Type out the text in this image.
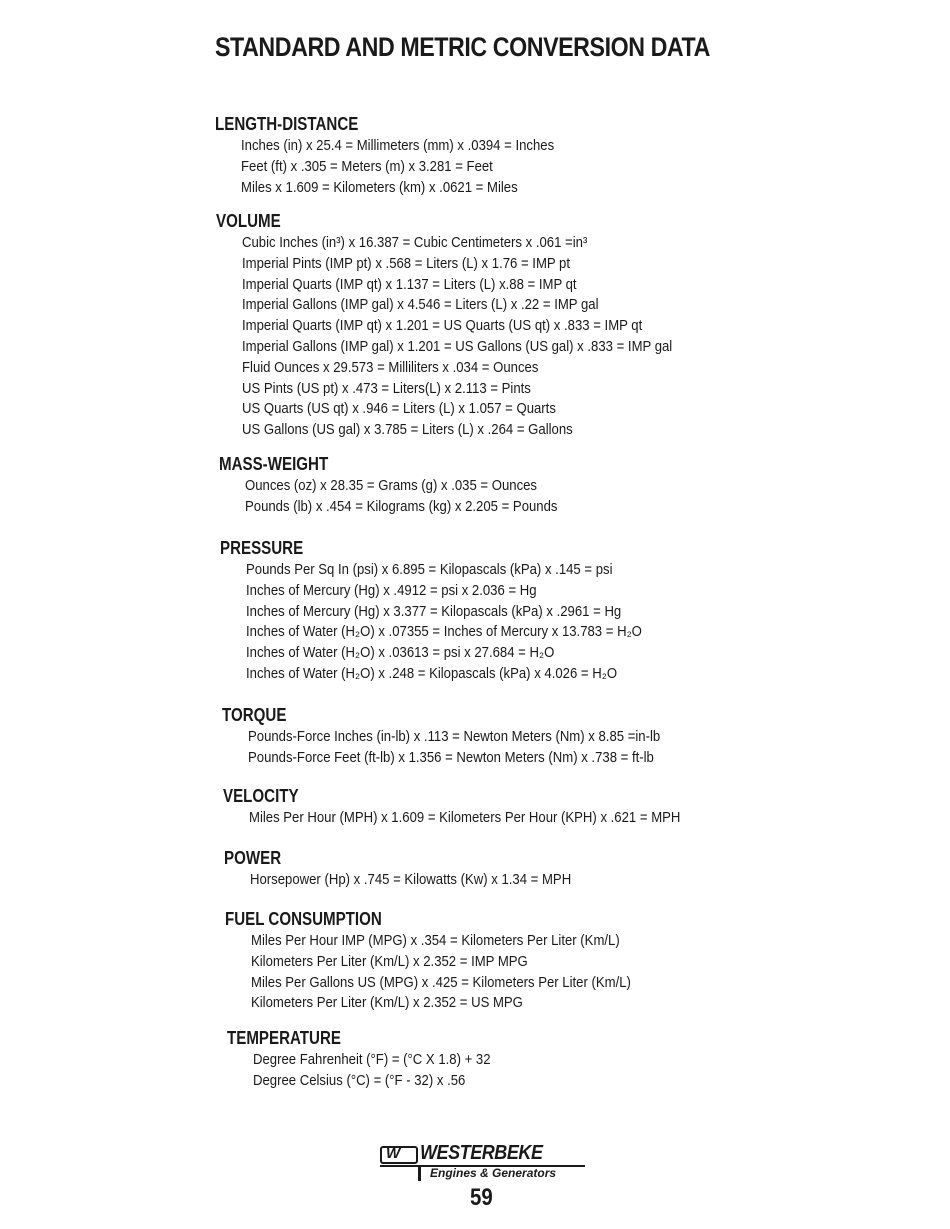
STANDARD AND METRIC CONVERSION DATA
LENGTH-DISTANCE
Inches (in) x 25.4 = Millimeters (mm) x .0394 = Inches
Feet (ft) x .305 = Meters (m) x 3.281 = Feet
Miles x 1.609 = Kilometers (km) x .0621 = Miles
VOLUME
Cubic Inches (in³) x 16.387 = Cubic Centimeters x .061 =in³
Imperial Pints (IMP pt) x .568 = Liters (L) x 1.76 = IMP pt
Imperial Quarts (IMP qt) x 1.137 = Liters (L) x.88 = IMP qt
Imperial Gallons (IMP gal) x 4.546 = Liters (L) x .22 = IMP gal
Imperial Quarts (IMP qt) x 1.201 = US Quarts (US qt) x .833 = IMP qt
Imperial Gallons (IMP gal) x 1.201 = US Gallons (US gal) x .833 = IMP gal
Fluid Ounces x 29.573 = Milliliters x .034 = Ounces
US Pints (US pt) x .473 = Liters(L) x 2.113 = Pints
US Quarts (US qt) x .946 = Liters (L) x 1.057 = Quarts
US Gallons (US gal) x 3.785 = Liters (L) x .264 = Gallons
MASS-WEIGHT
Ounces (oz) x 28.35 = Grams (g) x .035 = Ounces
Pounds (lb) x .454 = Kilograms (kg) x 2.205 = Pounds
PRESSURE
Pounds Per Sq In (psi) x 6.895 = Kilopascals (kPa) x .145 = psi
Inches of Mercury (Hg) x .4912 = psi x 2.036 = Hg
Inches of Mercury (Hg) x 3.377 = Kilopascals (kPa) x .2961 = Hg
Inches of Water (H₂O) x .07355 = Inches of Mercury x 13.783 = H₂O
Inches of Water (H₂O) x .03613 = psi x 27.684 = H₂O
Inches of Water (H₂O) x .248 = Kilopascals (kPa) x 4.026 = H₂O
TORQUE
Pounds-Force Inches (in-lb) x .113 = Newton Meters (Nm) x 8.85 =in-lb
Pounds-Force Feet (ft-lb) x 1.356 = Newton Meters (Nm) x .738 = ft-lb
VELOCITY
Miles Per Hour (MPH) x 1.609 = Kilometers Per Hour (KPH) x .621 = MPH
POWER
Horsepower (Hp) x .745 = Kilowatts (Kw) x 1.34 = MPH
FUEL CONSUMPTION
Miles Per Hour IMP (MPG) x .354 = Kilometers Per Liter (Km/L)
Kilometers Per Liter (Km/L) x 2.352 = IMP MPG
Miles Per Gallons US (MPG) x .425 = Kilometers Per Liter (Km/L)
Kilometers Per Liter (Km/L) x 2.352 = US MPG
TEMPERATURE
Degree Fahrenheit (°F) = (°C X 1.8) + 32
Degree Celsius (°C) = (°F - 32) x .56
W WESTERBEKE
Engines & Generators
59
